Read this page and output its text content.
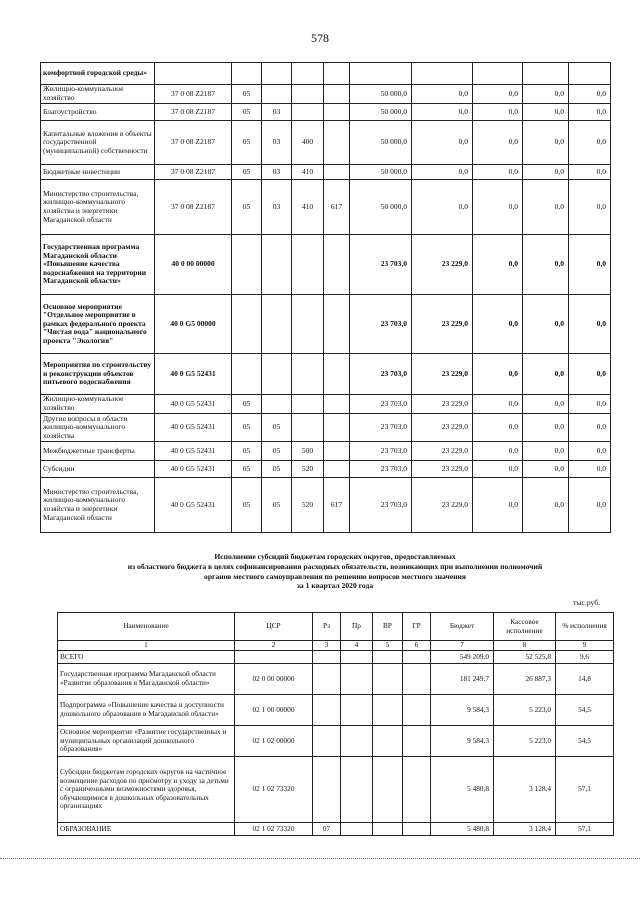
578
комфортной городской среды»										
Жилищно-коммунальное хозяйство	37 0 08 Z2187	05				50 000,0	0,0	0,0	0,0	0,0
Благоустройство	37 0 08 Z2187	05	03			50 000,0	0,0	0,0	0,0	0,0
Капитальные вложения в объекты государственной (муниципальной) собственности	37 0 08 Z2187	05	03	400		50 000,0	0,0	0,0	0,0	0,0
Бюджетные инвестиции	37 0 08 Z2187	05	03	410		50 000,0	0,0	0,0	0,0	0,0
Министерство строительства, жилищно-коммунального хозяйства и энергетики Магаданской области	37 0 08 Z2187	05	03	410	617	50 000,0	0,0	0,0	0,0	0,0
Государственная программа Магаданской области «Повышение качества водоснабжения на территории Магаданской области»	40 0 00 00000					23 703,0	23 229,0	0,0	0,0	0,0
Основное мероприятие "Отдельное мероприятие в рамках федерального проекта "Чистая вода" национального проекта "Экология"	40 0 G5 00000					23 703,0	23 229,0	0,0	0,0	0,0
Мероприятия по строительству и реконструкции объектов питьевого водоснабжения	40 0 G5 52431					23 703,0	23 229,0	0,0	0,0	0,0
Жилищно-коммунальное хозяйство	40 0 G5 52431	05				23 703,0	23 229,0	0,0	0,0	0,0
Другие вопросы в области жилищно-коммунального хозяйства	40 0 G5 52431	05	05			23 703,0	23 229,0	0,0	0,0	0,0
Межбюджетные трансферты	40 0 G5 52431	05	05	500		23 703,0	23 229,0	0,0	0,0	0,0
Субсидии	40 0 G5 52431	05	05	520		23 703,0	23 229,0	0,0	0,0	0,0
Министерство строительства, жилищно-коммунального хозяйства и энергетики Магаданской области	40 0 G5 52431	05	05	520	617	23 703,0	23 229,0	0,0	0,0	0,0
Исполнение субсидий бюджетам городских округов, предоставляемых
из областного бюджета в целях софинансирования расходных обязательств, возникающих при выполнении полномочий
органов местного самоуправления по решению вопросов местного значения
за 1 квартал 2020 года
тыс.руб.
Наименование	ЦСР	Рз	Пр	ВР	ГР	Бюджет	Кассовое исполнение	% исполнения
1	2	3	4	5	6	7	8	9
ВСЕГО						549 209,0	52 525,8	9,6
Государственная программа Магаданской области «Развитие образования в Магаданской области»	02 0 00 00000					181 249,7	26 887,3	14,8
Подпрограмма «Повышение качества и доступности дошкольного образования в Магаданской области»	02 1 00 00000					9 584,3	5 223,0	54,5
Основное мероприятие «Развитие государственных и муниципальных организаций дошкольного образования»	02 1 02 00000					9 584,3	5 223,0	54,5
Субсидии бюджетам городских округов на частичное возмещение расходов по присмотру и уходу за детьми с ограниченными возможностями здоровья, обучающимися в дошкольных образовательных организациях	02 1 02 73320					5 480,8	3 128,4	57,1
ОБРАЗОВАНИЕ	02 1 02 73320	07				5 480,8	3 128,4	57,1
